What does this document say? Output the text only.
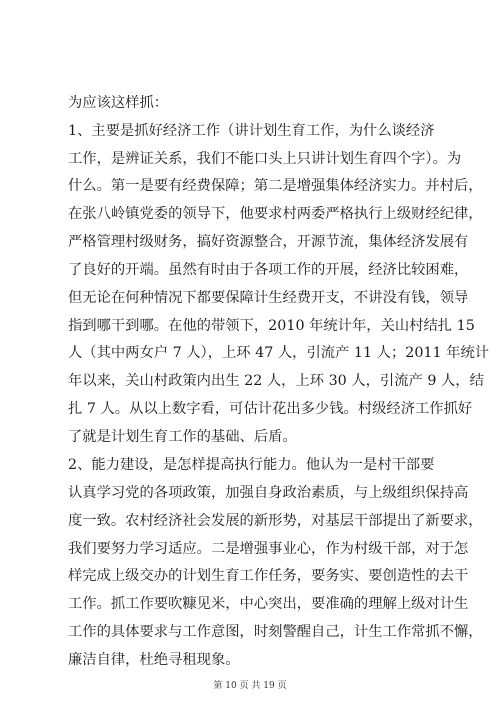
为应该这样抓：
1、主要是抓好经济工作（讲计划生育工作，为什么谈经济
工作，是辨证关系，我们不能口头上只讲计划生育四个字）。为
什么。第一是要有经费保障；第二是增强集体经济实力。并村后，
在张八岭镇党委的领导下，他要求村两委严格执行上级财经纪律，
严格管理村级财务，搞好资源整合，开源节流，集体经济发展有
了良好的开端。虽然有时由于各项工作的开展，经济比较困难，
但无论在何种情况下都要保障计生经费开支，不讲没有钱，领导
指到哪干到哪。在他的带领下，2010 年统计年，关山村结扎 15
人（其中两女户 7 人），上环 47 人，引流产 11 人；2011 年统计
年以来，关山村政策内出生 22 人，上环 30 人，引流产 9 人，结
扎 7 人。从以上数字看，可估计花出多少钱。村级经济工作抓好
了就是计划生育工作的基础、后盾。
2、能力建设，是怎样提高执行能力。他认为一是村干部要
认真学习党的各项政策，加强自身政治素质，与上级组织保持高
度一致。农村经济社会发展的新形势，对基层干部提出了新要求，
我们要努力学习适应。二是增强事业心，作为村级干部，对于怎
样完成上级交办的计划生育工作任务，要务实、要创造性的去干
工作。抓工作要吹糠见米，中心突出，要准确的理解上级对计生
工作的具体要求与工作意图，时刻警醒自己，计生工作常抓不懈，
廉洁自律，杜绝寻租现象。
第 10 页 共 19 页
